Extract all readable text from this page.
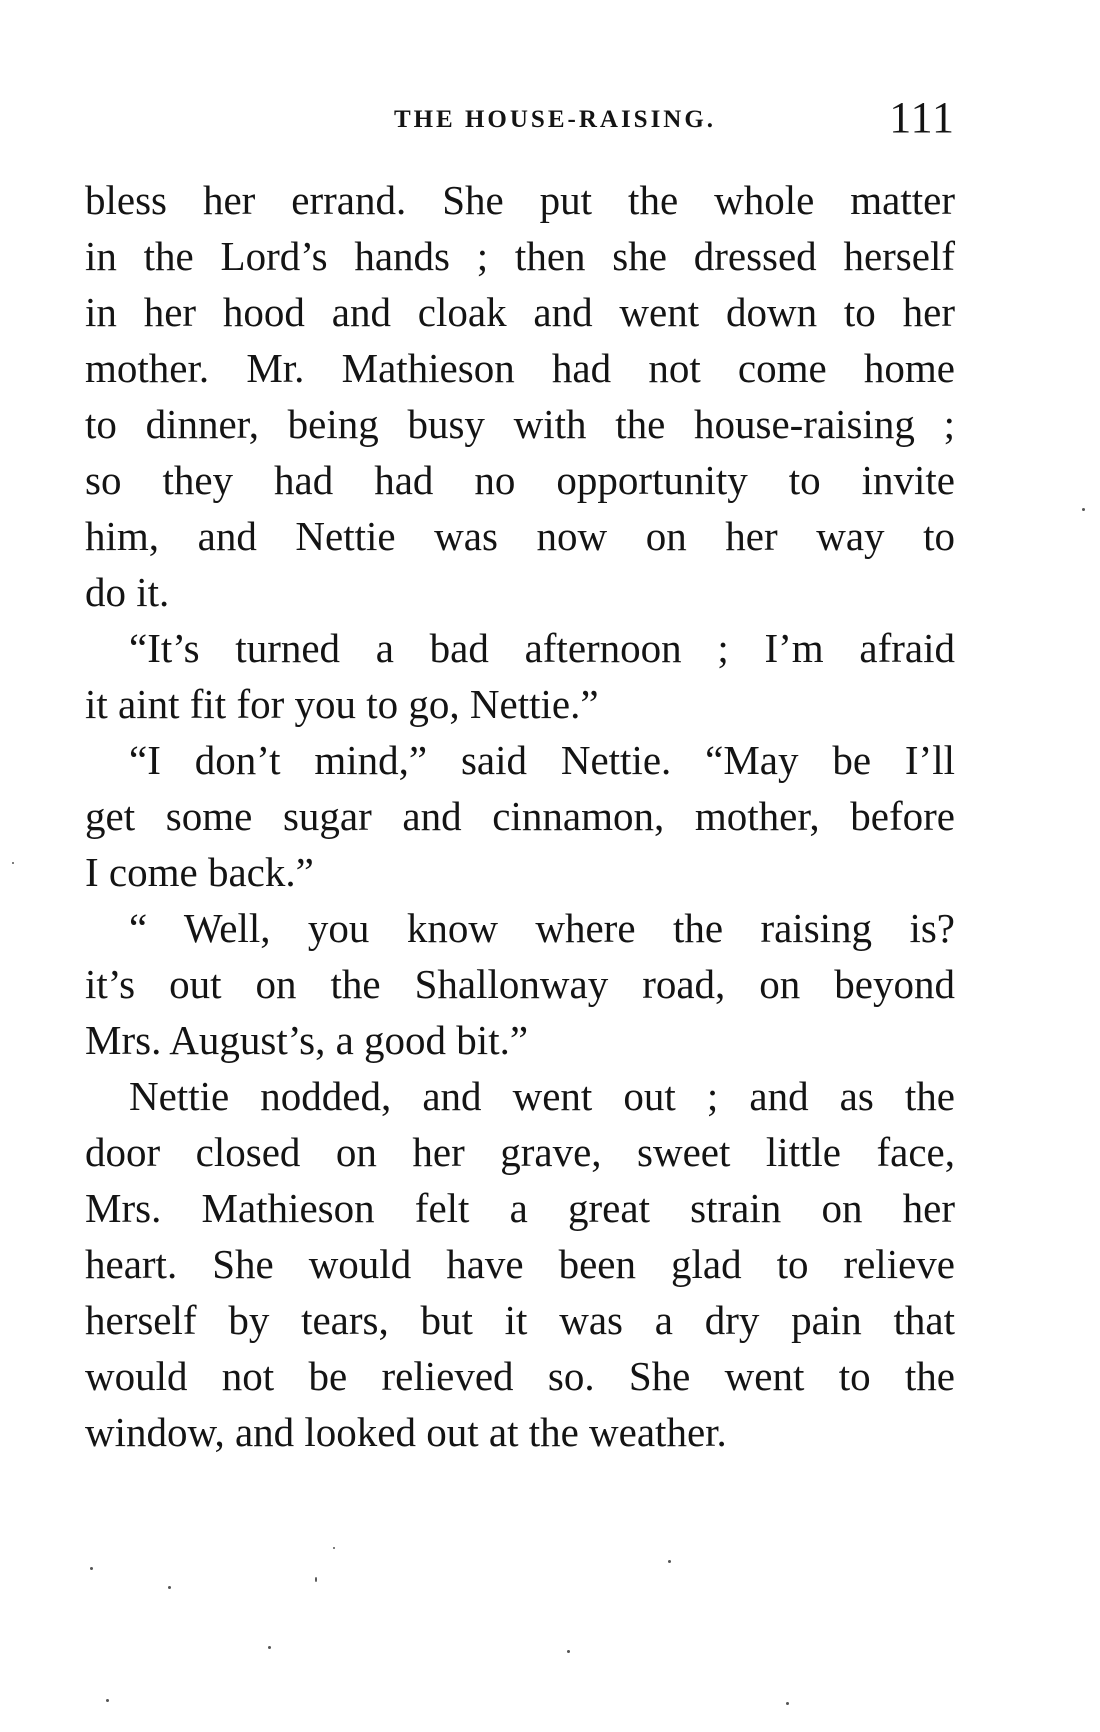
THE HOUSE-RAISING.	111
bless her errand. She put the whole matter
in the Lord’s hands ; then she dressed herself
in her hood and cloak and went down to her
mother. Mr. Mathieson had not come home
to dinner, being busy with the house-raising ;
so they had had no opportunity to invite
him, and Nettie was now on her way to
do it.
“It’s turned a bad afternoon ; I’m afraid
it aint fit for you to go, Nettie.”
“I don’t mind,” said Nettie. “May be I’ll
get some sugar and cinnamon, mother, before
I come back.”
“ Well, you know where the raising is?
it’s out on the Shallonway road, on beyond
Mrs. August’s, a good bit.”
Nettie nodded, and went out ; and as the
door closed on her grave, sweet little face,
Mrs. Mathieson felt a great strain on her
heart. She would have been glad to relieve
herself by tears, but it was a dry pain that
would not be relieved so. She went to the
window, and looked out at the weather.
